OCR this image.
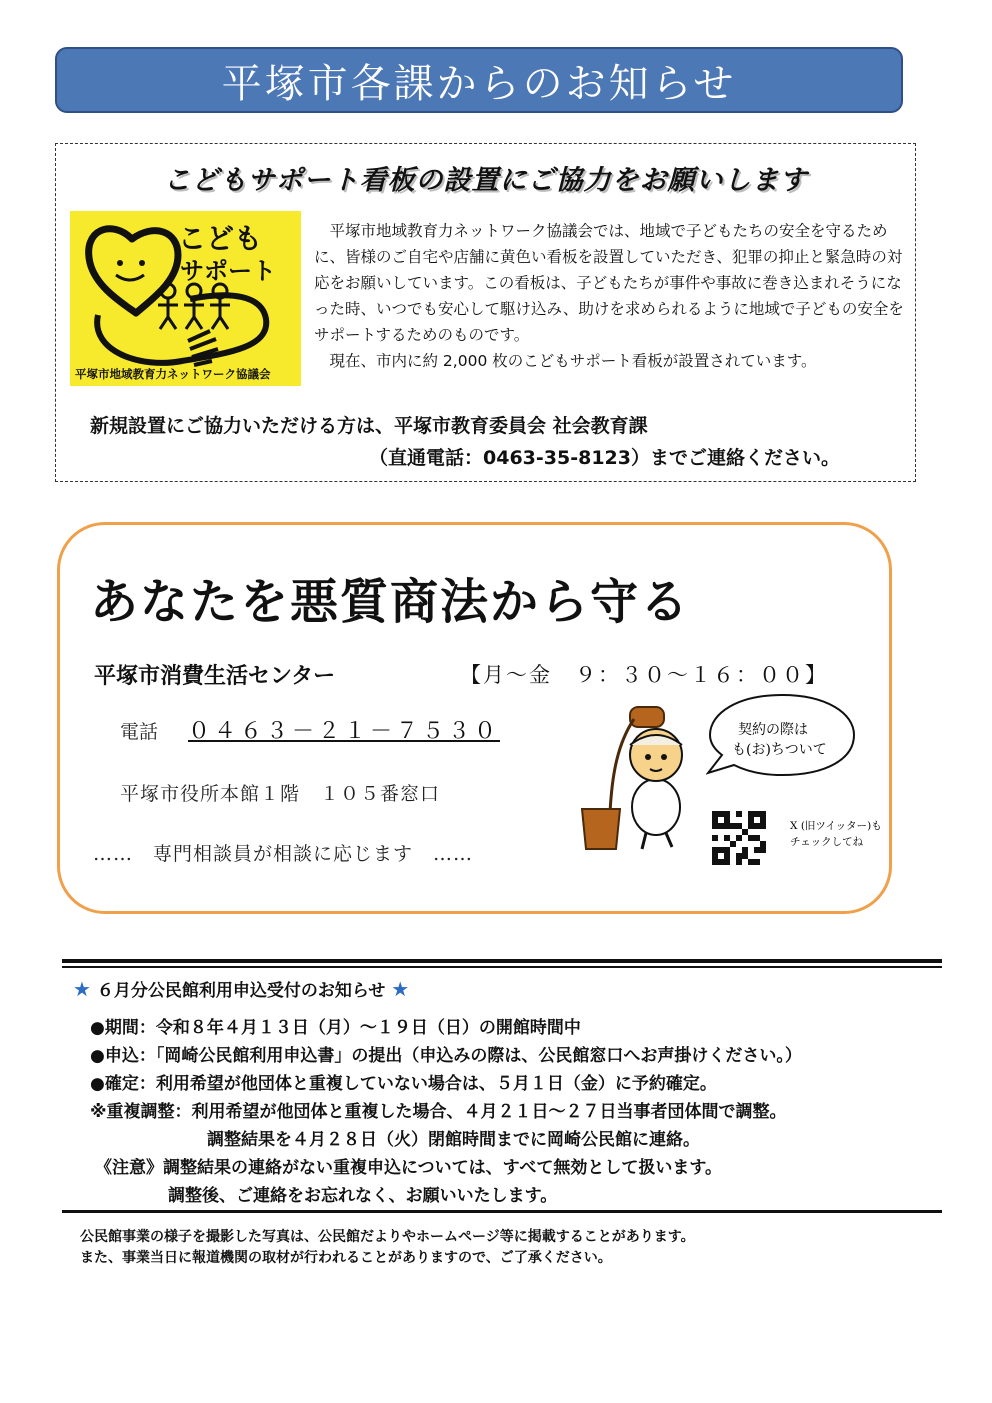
平塚市各課からのお知らせ
こどもサポート看板の設置にご協力をお願いします
こども
サポート
平塚市地域教育力ネットワーク協議会

平塚市地域教育力ネットワーク協議会では、地域で子どもたちの安全を守るために、皆様のご自宅や店舗に黄色い看板を設置していただき、犯罪の抑止と緊急時の対応をお願いしています。この看板は、子どもたちが事件や事故に巻き込まれそうになった時、いつでも安心して駆け込み、助けを求められるように地域で子どもの安全をサポートするためのものです。

現在、市内に約 2,000 枚のこどもサポート看板が設置されています。

新規設置にご協力いただける方は、平塚市教育委員会 社会教育課
（直通電話：0463-35-8123）までご連絡ください。
あなたを悪質商法から守る
平塚市消費生活センター	【月～金　９：３０～１６：００】
電話 ０４６３－２１－７５３０
平塚市役所本館１階　１０５番窓口
……　専門相談員が相談に応じます　……
契約の際は
も(お)ちついて
X (旧ツイッター)も
チェックしてね
★ ６月分公民館利用申込受付のお知らせ ★
●期間：令和８年４月１３日（月）～１９日（日）の開館時間中
●申込：「岡崎公民館利用申込書」の提出（申込みの際は、公民館窓口へお声掛けください。）
●確定：利用希望が他団体と重複していない場合は、５月１日（金）に予約確定。
※重複調整：利用希望が他団体と重複した場合、４月２１日～２７日当事者団体間で調整。
調整結果を４月２８日（火）閉館時間までに岡崎公民館に連絡。
《注意》調整結果の連絡がない重複申込については、すべて無効として扱います。
調整後、ご連絡をお忘れなく、お願いいたします。
公民館事業の様子を撮影した写真は、公民館だよりやホームページ等に掲載することがあります。
また、事業当日に報道機関の取材が行われることがありますので、ご了承ください。
